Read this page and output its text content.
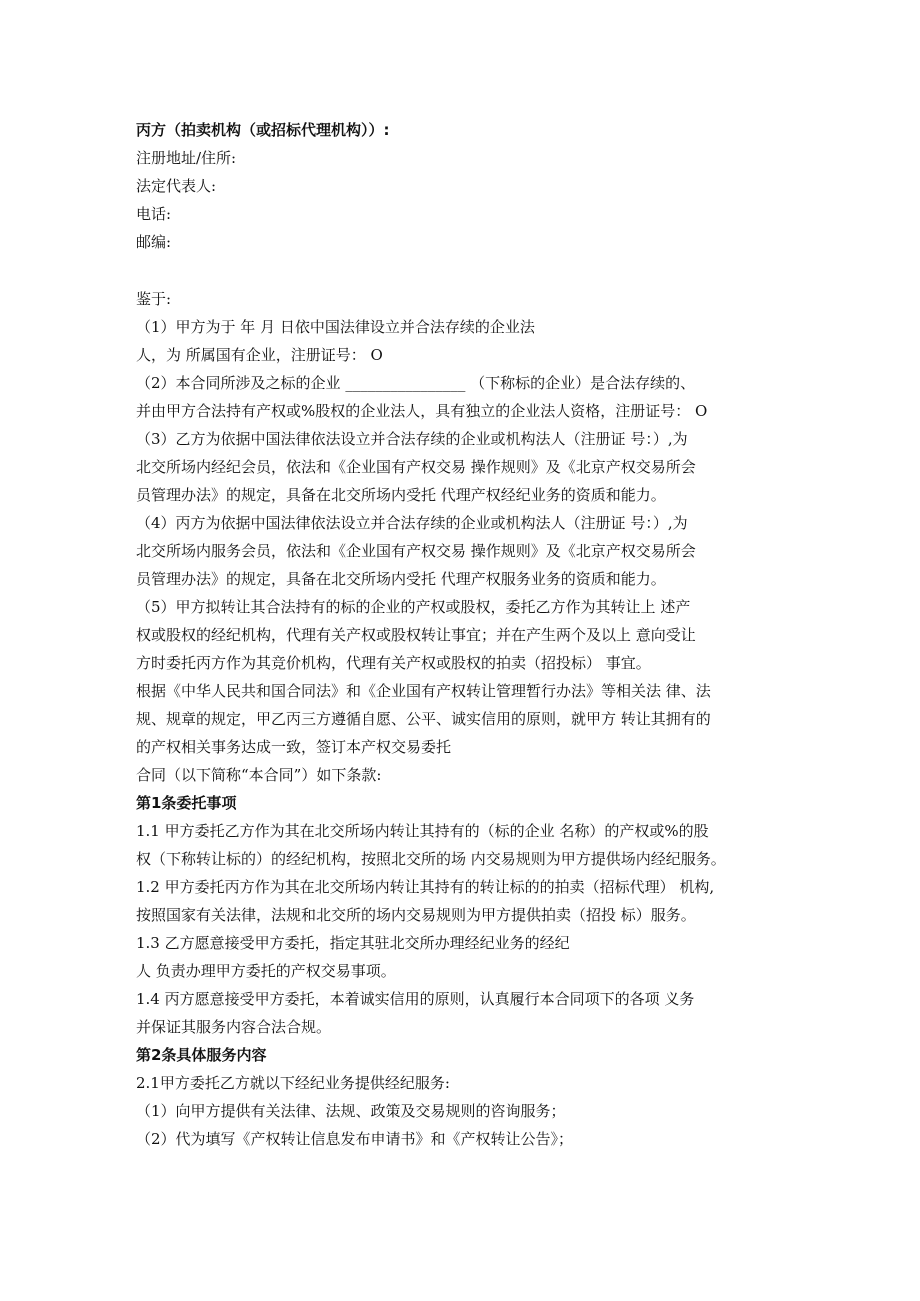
丙方（拍卖机构（或招标代理机构））:
注册地址/住所:
法定代表人:
电话:
邮编:
鉴于:
（1）甲方为于 年 月 日依中国法律设立并合法存续的企业法
人，为 所属国有企业，注册证号： O
（2）本合同所涉及之标的企业 ________________ （下称标的企业）是合法存续的、
并由甲方合法持有产权或%股权的企业法人，具有独立的企业法人资格，注册证号： O
（3）乙方为依据中国法律依法设立并合法存续的企业或机构法人（注册证 号：）,为
北交所场内经纪会员，依法和《企业国有产权交易 操作规则》及《北京产权交易所会
员管理办法》的规定，具备在北交所场内受托 代理产权经纪业务的资质和能力。
（4）丙方为依据中国法律依法设立并合法存续的企业或机构法人（注册证 号：）,为
北交所场内服务会员，依法和《企业国有产权交易 操作规则》及《北京产权交易所会
员管理办法》的规定，具备在北交所场内受托 代理产权服务业务的资质和能力。
（5）甲方拟转让其合法持有的标的企业的产权或股权，委托乙方作为其转让上 述产
权或股权的经纪机构，代理有关产权或股权转让事宜；并在产生两个及以上 意向受让
方时委托丙方作为其竞价机构，代理有关产权或股权的拍卖（招投标） 事宜。
根据《中华人民共和国合同法》和《企业国有产权转让管理暂行办法》等相关法 律、法
规、规章的规定，甲乙丙三方遵循自愿、公平、诚实信用的原则，就甲方 转让其拥有的
的产权相关事务达成一致，签订本产权交易委托
合同（以下简称“本合同”）如下条款:
第1条委托事项
1.1 甲方委托乙方作为其在北交所场内转让其持有的（标的企业 名称）的产权或%的股
权（下称转让标的）的经纪机构，按照北交所的场 内交易规则为甲方提供场内经纪服务。
1.2 甲方委托丙方作为其在北交所场内转让其持有的转让标的的拍卖（招标代理） 机构,
按照国家有关法律，法规和北交所的场内交易规则为甲方提供拍卖（招投 标）服务。
1.3 乙方愿意接受甲方委托，指定其驻北交所办理经纪业务的经纪
人 负责办理甲方委托的产权交易事项。
1.4 丙方愿意接受甲方委托，本着诚实信用的原则，认真履行本合同项下的各项 义务
并保证其服务内容合法合规。
第2条具体服务内容
2.1甲方委托乙方就以下经纪业务提供经纪服务:
（1）向甲方提供有关法律、法规、政策及交易规则的咨询服务；
（2）代为填写《产权转让信息发布申请书》和《产权转让公告》；
